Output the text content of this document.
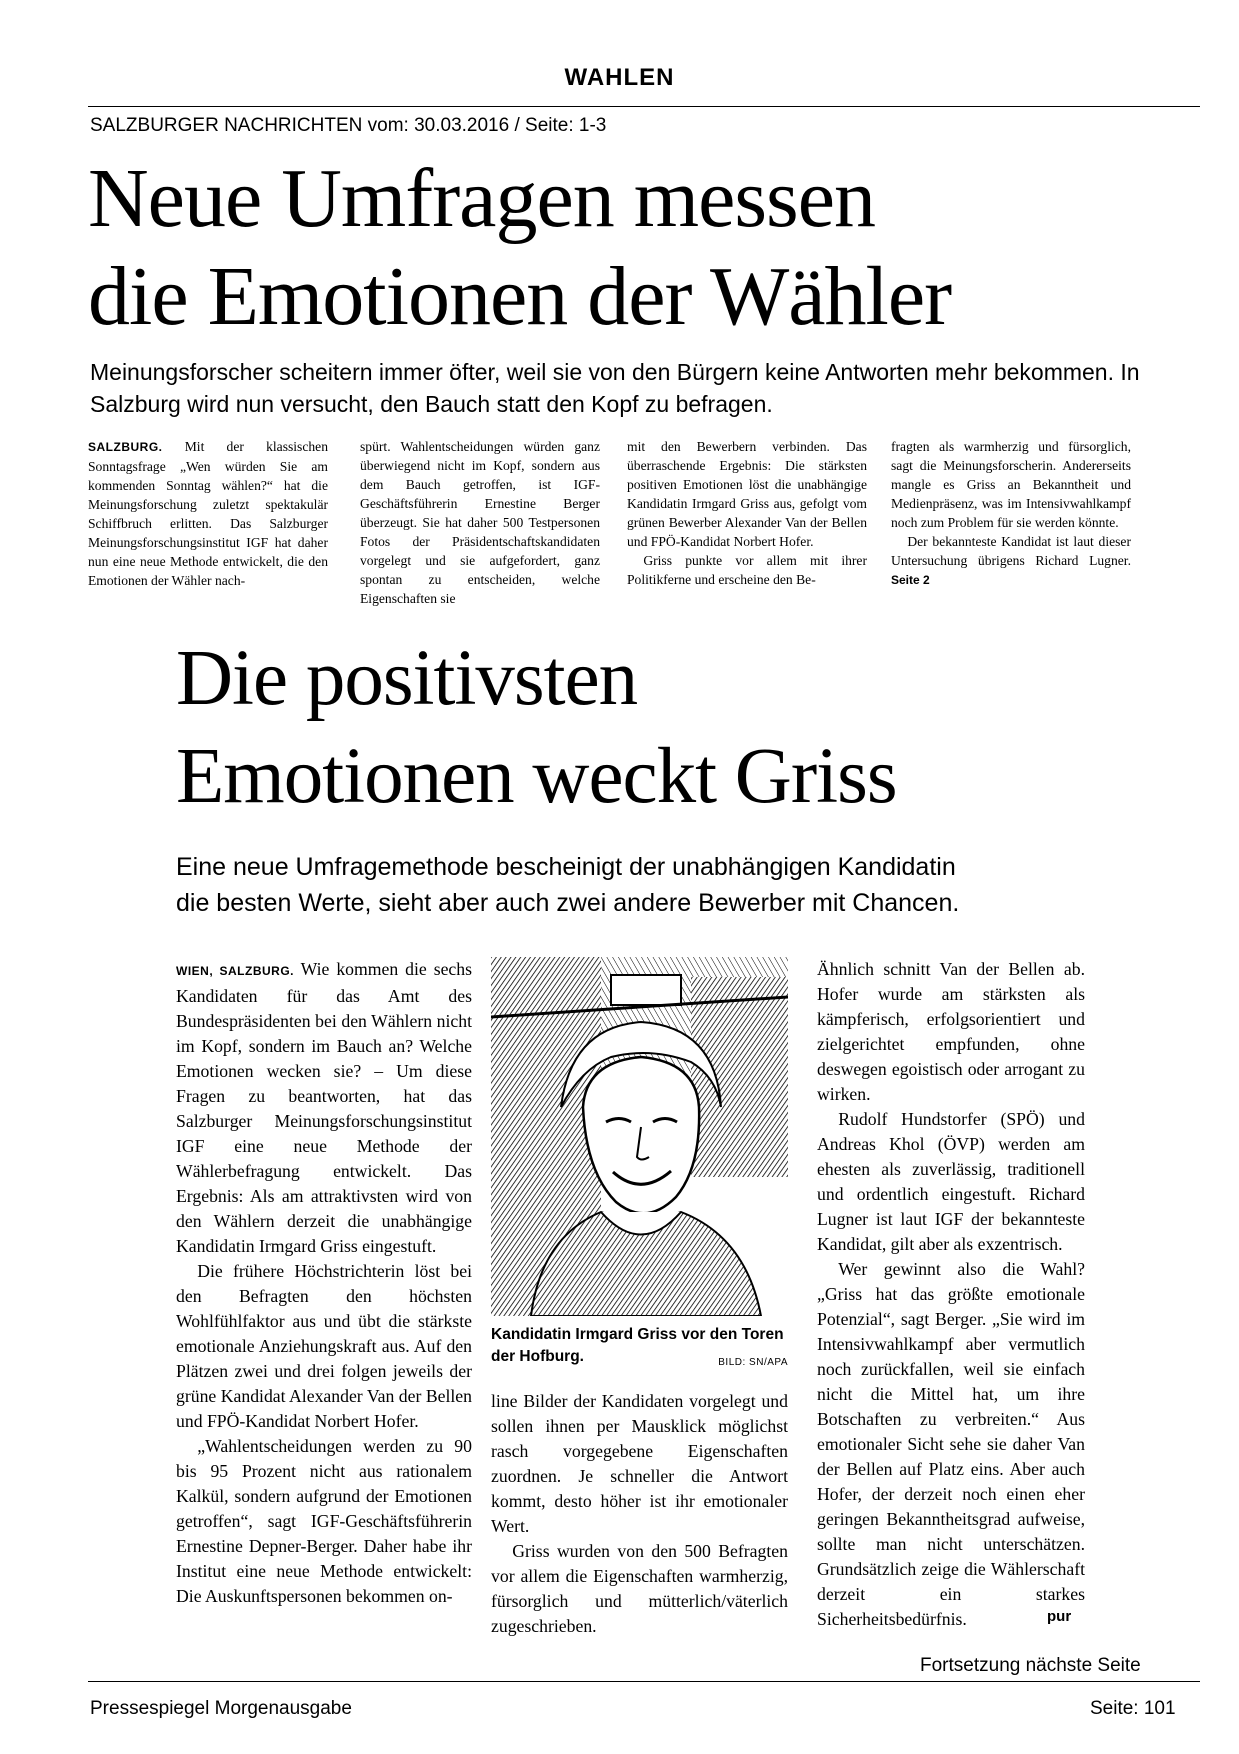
WAHLEN
SALZBURGER NACHRICHTEN vom: 30.03.2016 / Seite: 1-3
Neue Umfragen messen
die Emotionen der Wähler
Meinungsforscher scheitern immer öfter, weil sie von den Bürgern keine Antworten mehr bekommen. In Salzburg wird nun versucht, den Bauch statt den Kopf zu befragen.
SALZBURG. Mit der klassischen Sonntagsfrage „Wen würden Sie am kommenden Sonntag wählen?“ hat die Meinungsforschung zuletzt spektakulär Schiffbruch erlitten. Das Salzburger Meinungsforschungsinstitut IGF hat daher nun eine neue Methode entwickelt, die den Emotionen der Wähler nach-
spürt. Wahlentscheidungen würden ganz überwiegend nicht im Kopf, sondern aus dem Bauch getroffen, ist IGF-Geschäftsführerin Ernestine Berger überzeugt. Sie hat daher 500 Testpersonen Fotos der Präsidentschaftskandidaten vorgelegt und sie aufgefordert, ganz spontan zu entscheiden, welche Eigenschaften sie
mit den Bewerbern verbinden. Das überraschende Ergebnis: Die stärksten positiven Emotionen löst die unabhängige Kandidatin Irmgard Griss aus, gefolgt vom grünen Bewerber Alexander Van der Bellen und FPÖ-Kandidat Norbert Hofer.
Griss punkte vor allem mit ihrer Politikferne und erscheine den Be-
fragten als warmherzig und fürsorglich, sagt die Meinungsforscherin. Andererseits mangle es Griss an Bekanntheit und Medienpräsenz, was im Intensivwahlkampf noch zum Problem für sie werden könnte.
Der bekannteste Kandidat ist laut dieser Untersuchung übrigens Richard Lugner. Seite 2
Die positivsten
Emotionen weckt Griss
Eine neue Umfragemethode bescheinigt der unabhängigen Kandidatin
die besten Werte, sieht aber auch zwei andere Bewerber mit Chancen.
WIEN, SALZBURG. Wie kommen die sechs Kandidaten für das Amt des Bundespräsidenten bei den Wählern nicht im Kopf, sondern im Bauch an? Welche Emotionen wecken sie? – Um diese Fragen zu beantworten, hat das Salzburger Meinungsforschungsinstitut IGF eine neue Methode der Wählerbefragung entwickelt. Das Ergebnis: Als am attraktivsten wird von den Wählern derzeit die unabhängige Kandidatin Irmgard Griss eingestuft.
Die frühere Höchstrichterin löst bei den Befragten den höchsten Wohlfühlfaktor aus und übt die stärkste emotionale Anziehungskraft aus. Auf den Plätzen zwei und drei folgen jeweils der grüne Kandidat Alexander Van der Bellen und FPÖ-Kandidat Norbert Hofer.
„Wahlentscheidungen werden zu 90 bis 95 Prozent nicht aus rationalem Kalkül, sondern aufgrund der Emotionen getroffen“, sagt IGF-Geschäftsführerin Ernestine Depner-Berger. Daher habe ihr Institut eine neue Methode entwickelt: Die Auskunftspersonen bekommen on-
Kandidatin Irmgard Griss vor den Toren der Hofburg.	BILD: SN/APA
line Bilder der Kandidaten vorgelegt und sollen ihnen per Mausklick möglichst rasch vorgegebene Eigenschaften zuordnen. Je schneller die Antwort kommt, desto höher ist ihr emotionaler Wert.
Griss wurden von den 500 Befragten vor allem die Eigenschaften warmherzig, fürsorglich und mütterlich/väterlich zugeschrieben.
Ähnlich schnitt Van der Bellen ab. Hofer wurde am stärksten als kämpferisch, erfolgsorientiert und zielgerichtet empfunden, ohne deswegen egoistisch oder arrogant zu wirken.
Rudolf Hundstorfer (SPÖ) und Andreas Khol (ÖVP) werden am ehesten als zuverlässig, traditionell und ordentlich eingestuft. Richard Lugner ist laut IGF der bekannteste Kandidat, gilt aber als exzentrisch.
Wer gewinnt also die Wahl? „Griss hat das größte emotionale Potenzial“, sagt Berger. „Sie wird im Intensivwahlkampf aber vermutlich noch zurückfallen, weil sie einfach nicht die Mittel hat, um ihre Botschaften zu verbreiten.“ Aus emotionaler Sicht sehe sie daher Van der Bellen auf Platz eins. Aber auch Hofer, der derzeit noch einen eher geringen Bekanntheitsgrad aufweise, sollte man nicht unterschätzen. Grundsätzlich zeige die Wählerschaft derzeit ein starkes Sicherheitsbedürfnis.	pur
Fortsetzung nächste Seite
Pressespiegel Morgenausgabe	Seite: 101
